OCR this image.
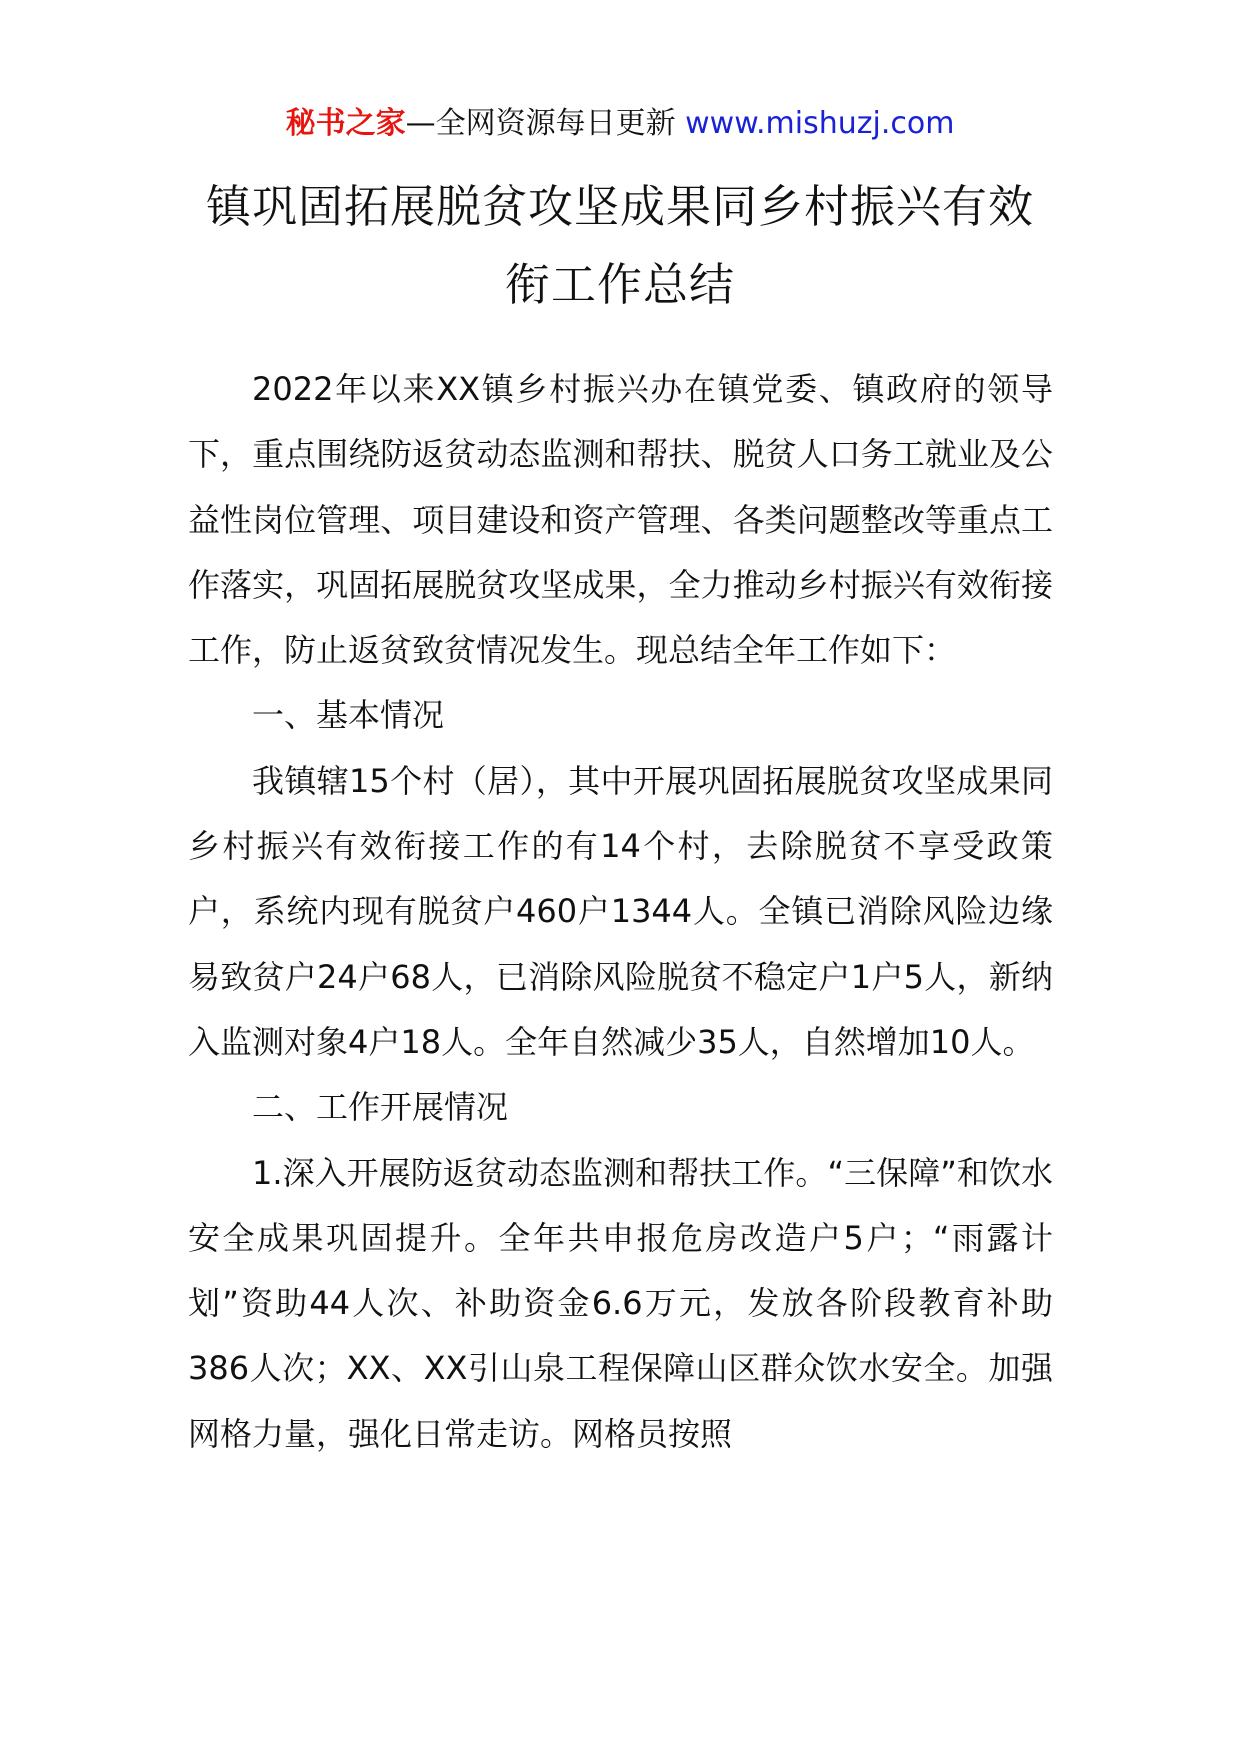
秘书之家—全网资源每日更新 www.mishuzj.com
镇巩固拓展脱贫攻坚成果同乡村振兴有效
衔工作总结

2022年以来XX镇乡村振兴办在镇党委、镇政府的领导下，重点围绕防返贫动态监测和帮扶、脱贫人口务工就业及公益性岗位管理、项目建设和资产管理、各类问题整改等重点工作落实，巩固拓展脱贫攻坚成果，全力推动乡村振兴有效衔接工作，防止返贫致贫情况发生。现总结全年工作如下：

一、基本情况

我镇辖15个村（居），其中开展巩固拓展脱贫攻坚成果同乡村振兴有效衔接工作的有14个村，去除脱贫不享受政策户，系统内现有脱贫户460户1344人。全镇已消除风险边缘易致贫户24户68人，已消除风险脱贫不稳定户1户5人，新纳入监测对象4户18人。全年自然减少35人，自然增加10人。

二、工作开展情况

1.深入开展防返贫动态监测和帮扶工作。“三保障”和饮水安全成果巩固提升。全年共申报危房改造户5户；“雨露计划”资助44人次、补助资金6.6万元，发放各阶段教育补助386人次；XX、XX引山泉工程保障山区群众饮水安全。加强网格力量，强化日常走访。网格员按照
